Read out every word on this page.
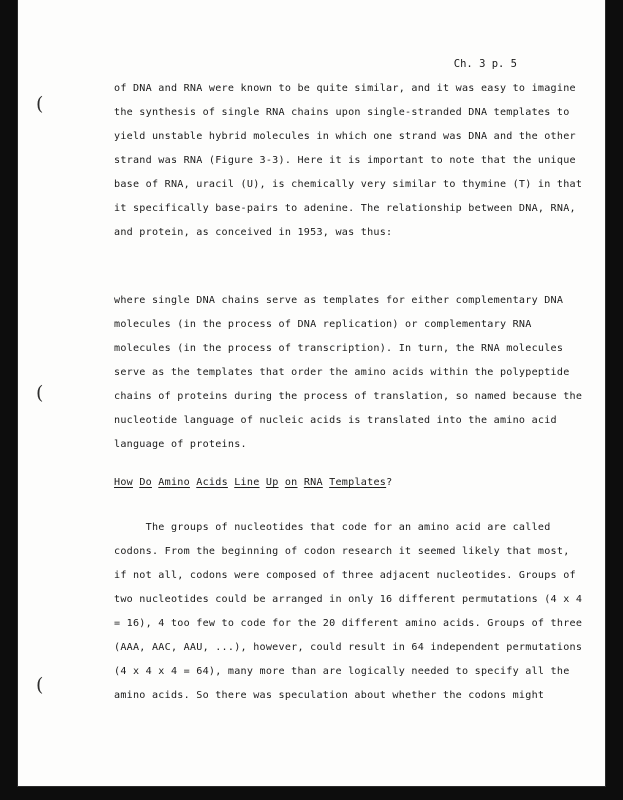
Ch. 3 p. 5
of DNA and RNA were known to be quite similar, and it was easy to imagine
the synthesis of single RNA chains upon single-stranded DNA templates to
yield unstable hybrid molecules in which one strand was DNA and the other
strand was RNA (Figure 3-3). Here it is important to note that the unique
base of RNA, uracil (U), is chemically very similar to thymine (T) in that
it specifically base-pairs to adenine. The relationship between DNA, RNA,
and protein, as conceived in 1953, was thus:
where single DNA chains serve as templates for either complementary DNA
molecules (in the process of DNA replication) or complementary RNA
molecules (in the process of transcription). In turn, the RNA molecules
serve as the templates that order the amino acids within the polypeptide
chains of proteins during the process of translation, so named because the
nucleotide language of nucleic acids is translated into the amino acid
language of proteins.
How Do Amino Acids Line Up on RNA Templates?
The groups of nucleotides that code for an amino acid are called
codons. From the beginning of codon research it seemed likely that most,
if not all, codons were composed of three adjacent nucleotides. Groups of
two nucleotides could be arranged in only 16 different permutations (4 x 4
= 16), 4 too few to code for the 20 different amino acids. Groups of three
(AAA, AAC, AAU, ...), however, could result in 64 independent permutations
(4 x 4 x 4 = 64), many more than are logically needed to specify all the
amino acids. So there was speculation about whether the codons might
(
(
(
